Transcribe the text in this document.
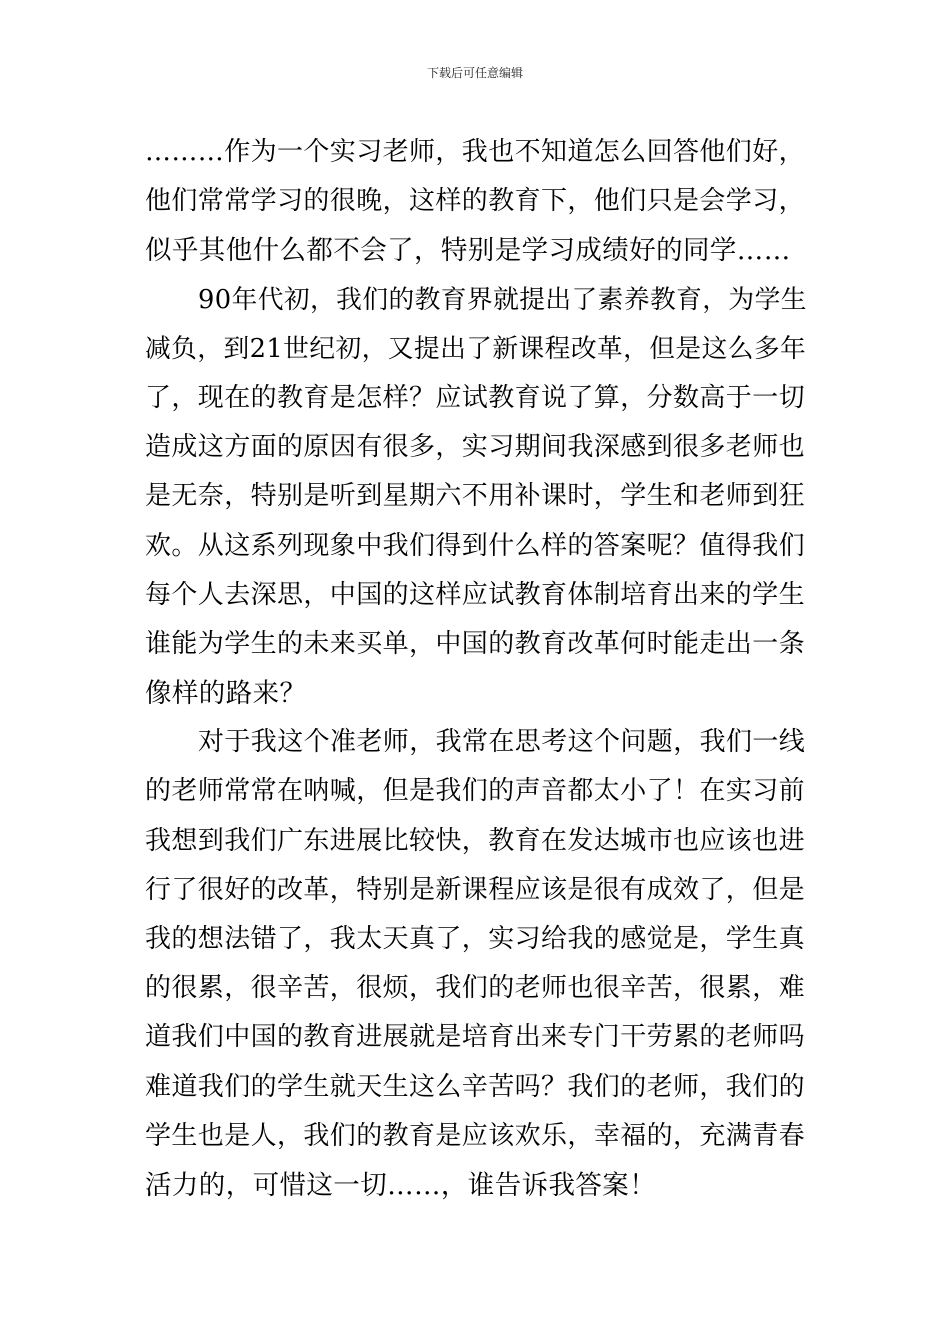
下载后可任意编辑
………作为一个实习老师，我也不知道怎么回答他们好，
他们常常学习的很晚，这样的教育下，他们只是会学习，
似乎其他什么都不会了，特别是学习成绩好的同学……
90年代初，我们的教育界就提出了素养教育，为学生
减负，到21世纪初，又提出了新课程改革，但是这么多年
了，现在的教育是怎样？应试教育说了算，分数高于一切
造成这方面的原因有很多，实习期间我深感到很多老师也
是无奈，特别是听到星期六不用补课时，学生和老师到狂
欢。从这系列现象中我们得到什么样的答案呢？值得我们
每个人去深思，中国的这样应试教育体制培育出来的学生
谁能为学生的未来买单，中国的教育改革何时能走出一条
像样的路来？
对于我这个准老师，我常在思考这个问题，我们一线
的老师常常在呐喊，但是我们的声音都太小了！在实习前
我想到我们广东进展比较快，教育在发达城市也应该也进
行了很好的改革，特别是新课程应该是很有成效了，但是
我的想法错了，我太天真了，实习给我的感觉是，学生真
的很累，很辛苦，很烦，我们的老师也很辛苦，很累，难
道我们中国的教育进展就是培育出来专门干劳累的老师吗
难道我们的学生就天生这么辛苦吗？我们的老师，我们的
学生也是人，我们的教育是应该欢乐，幸福的，充满青春
活力的，可惜这一切……，谁告诉我答案！
